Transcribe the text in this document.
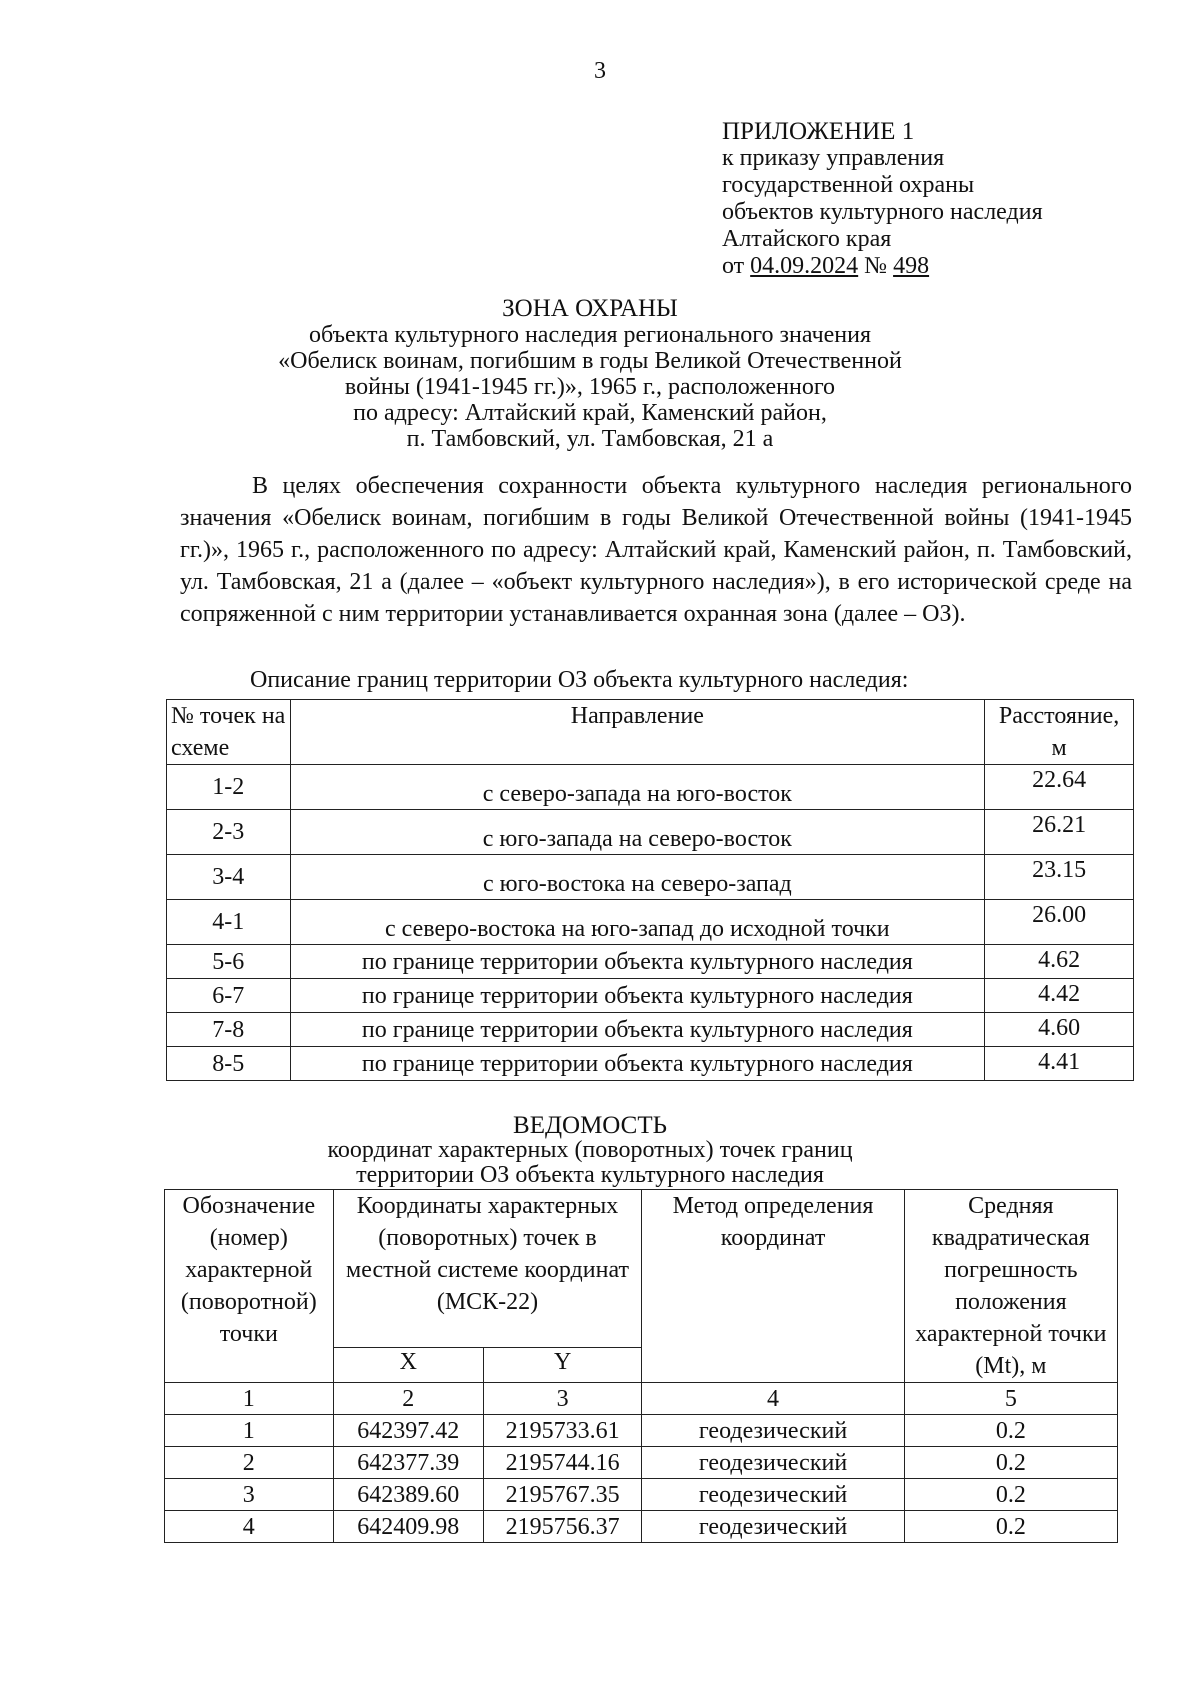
3
ПРИЛОЖЕНИЕ 1
к приказу управления
государственной охраны
объектов культурного наследия
Алтайского края
от 04.09.2024 № 498
ЗОНА ОХРАНЫ
объекта культурного наследия регионального значения
«Обелиск воинам, погибшим в годы Великой Отечественной
войны (1941-1945 гг.)», 1965 г., расположенного
по адресу: Алтайский край, Каменский район,
п. Тамбовский, ул. Тамбовская, 21 а
В целях обеспечения сохранности объекта культурного наследия регионального значения «Обелиск воинам, погибшим в годы Великой Отечественной войны (1941-1945 гг.)», 1965 г., расположенного по адресу: Алтайский край, Каменский район, п. Тамбовский, ул. Тамбовская, 21 а (далее – «объект культурного наследия»), в его исторической среде на сопряженной с ним территории устанавливается охранная зона (далее – ОЗ).
Описание границ территории ОЗ объекта культурного наследия:
№ точек на схеме	Направление	Расстояние, м
1-2	с северо-запада на юго-восток	22.64
2-3	с юго-запада на северо-восток	26.21
3-4	с юго-востока на северо-запад	23.15
4-1	с северо-востока на юго-запад до исходной точки	26.00
5-6	по границе территории объекта культурного наследия	4.62
6-7	по границе территории объекта культурного наследия	4.42
7-8	по границе территории объекта культурного наследия	4.60
8-5	по границе территории объекта культурного наследия	4.41
ВЕДОМОСТЬ
координат характерных (поворотных) точек границ
территории ОЗ объекта культурного наследия
Обозначение (номер) характерной (поворотной) точки	Координаты характерных (поворотных) точек в местной системе координат (МСК-22)		Метод определения координат	Средняя квадратическая погрешность положения характерной точки (Mt), м
	X	Y		
1	2	3	4	5
1	642397.42	2195733.61	геодезический	0.2
2	642377.39	2195744.16	геодезический	0.2
3	642389.60	2195767.35	геодезический	0.2
4	642409.98	2195756.37	геодезический	0.2
